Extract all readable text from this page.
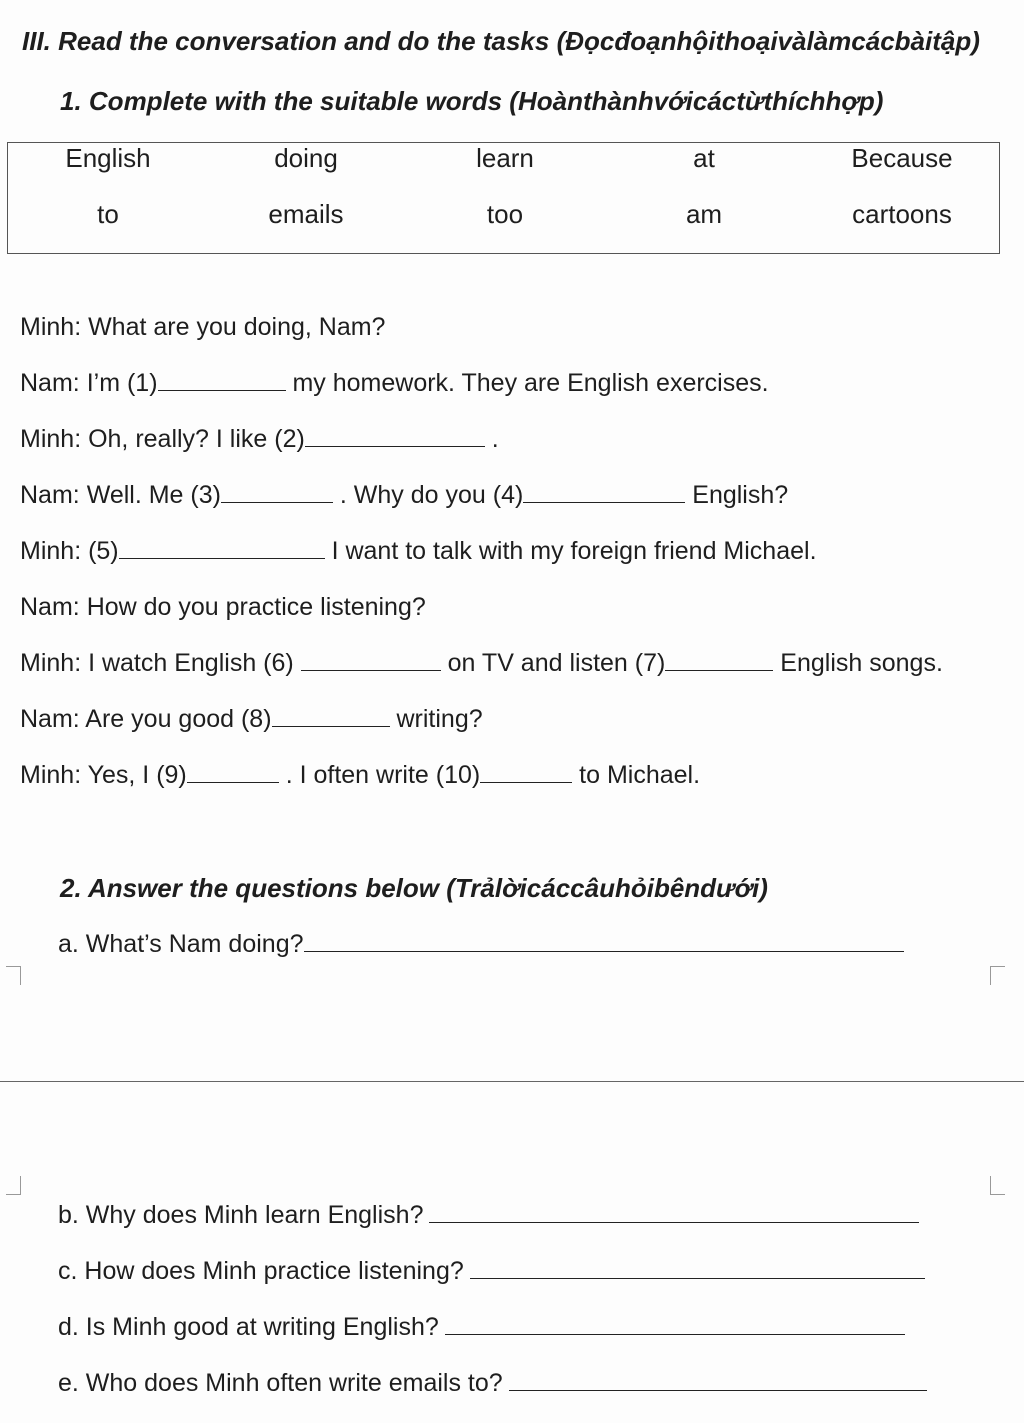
III. Read the conversation and do the tasks (Đọcđoạnhộithoạivàlàmcácbàitập)
1. Complete with the suitable words (Hoànthànhvớicáctừthíchhợp)
English	doing	learn	at	Because
to	emails	too	am	cartoons
Minh: What are you doing, Nam?
Nam: I’m (1)	my homework. They are English exercises.
Minh: Oh, really? I like (2)	.
Nam: Well. Me (3)	. Why do you (4)	English?
Minh: (5)	I want to talk with my foreign friend Michael.
Nam: How do you practice listening?
Minh: I watch English (6)	on TV and listen (7)	English songs.
Nam: Are you good (8)	writing?
Minh: Yes, I (9)	. I often write (10)	to Michael.
2. Answer the questions below (Trảlờicáccâuhỏibêndưới)
a. What’s Nam doing?
b. Why does Minh learn English?
c. How does Minh practice listening?
d. Is Minh good at writing English?
e. Who does Minh often write emails to?
